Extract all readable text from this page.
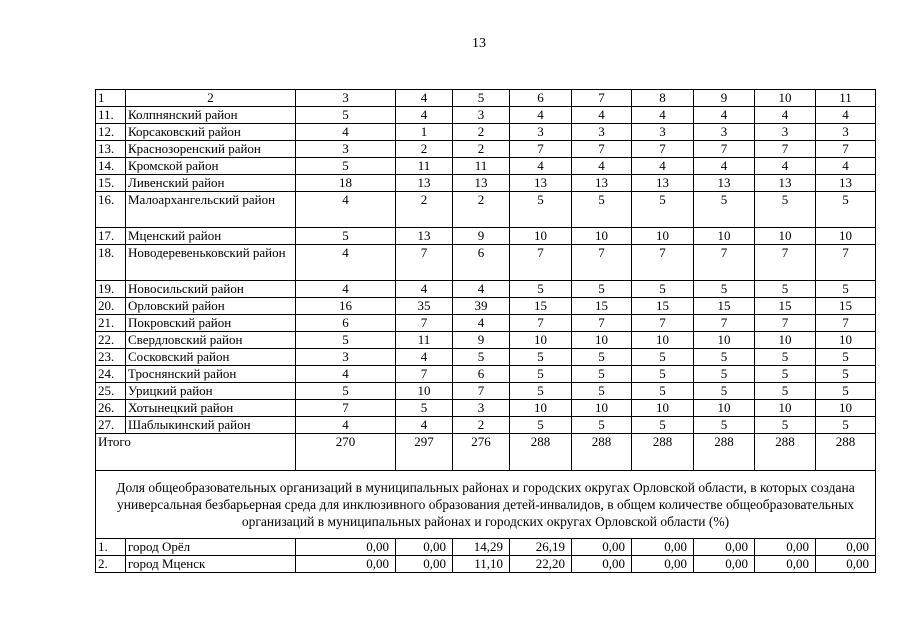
13
1	2	3	4	5	6	7	8	9	10	11
11.	Колпнянский район	5	4	3	4	4	4	4	4	4
12.	Корсаковский район	4	1	2	3	3	3	3	3	3
13.	Краснозоренский район	3	2	2	7	7	7	7	7	7
14.	Кромской район	5	11	11	4	4	4	4	4	4
15.	Ливенский район	18	13	13	13	13	13	13	13	13
16.	Малоархангельский район	4	2	2	5	5	5	5	5	5
17.	Мценский район	5	13	9	10	10	10	10	10	10
18.	Новодеревеньковский район	4	7	6	7	7	7	7	7	7
19.	Новосильский район	4	4	4	5	5	5	5	5	5
20.	Орловский район	16	35	39	15	15	15	15	15	15
21.	Покровский район	6	7	4	7	7	7	7	7	7
22.	Свердловский район	5	11	9	10	10	10	10	10	10
23.	Сосковский район	3	4	5	5	5	5	5	5	5
24.	Троснянский район	4	7	6	5	5	5	5	5	5
25.	Урицкий район	5	10	7	5	5	5	5	5	5
26.	Хотынецкий район	7	5	3	10	10	10	10	10	10
27.	Шаблыкинский район	4	4	2	5	5	5	5	5	5
Итого		270	297	276	288	288	288	288	288	288
Доля общеобразовательных организаций в муниципальных районах и городских округах Орловской области, в которых создана универсальная безбарьерная среда для инклюзивного образования детей-инвалидов, в общем количестве общеобразовательных организаций в муниципальных районах и городских округах Орловской области (%)										
1.	город Орёл	0,00	0,00	14,29	26,19	0,00	0,00	0,00	0,00	0,00
2.	город Мценск	0,00	0,00	11,10	22,20	0,00	0,00	0,00	0,00	0,00
